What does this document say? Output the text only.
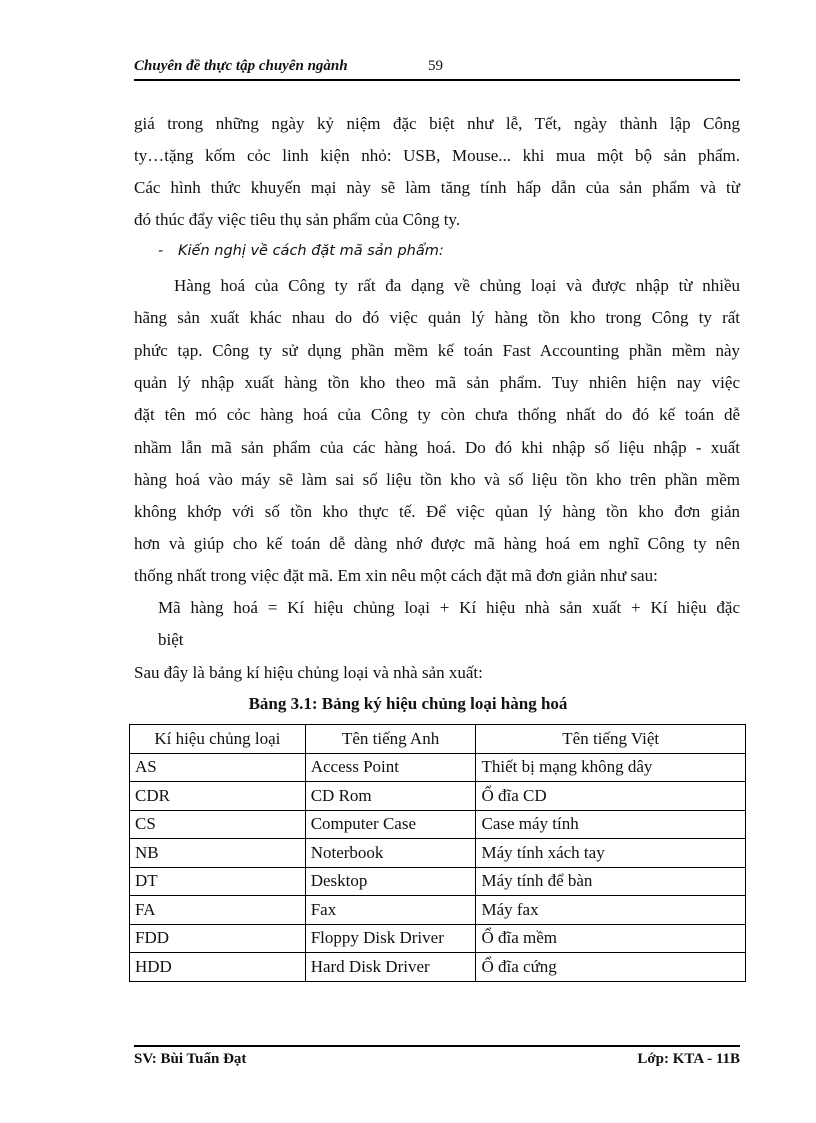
Chuyên đề thực tập chuyên ngành	59
giá trong những ngày kỷ niệm đặc biệt như lễ, Tết, ngày thành lập Công
ty…tặng kốm cỏc linh kiện nhỏ: USB, Mouse... khi mua một bộ sản phẩm.
Các hình thức khuyến mại này sẽ làm tăng tính hấp dẫn của sản phẩm và từ
đó thúc đẩy việc tiêu thụ sản phẩm của Công ty.
- Kiến nghị về cách đặt mã sản phẩm:
Hàng hoá của Công ty rất đa dạng về chủng loại và được nhập từ nhiều
hãng sản xuất khác nhau do đó việc quản lý hàng tồn kho trong Công ty rất
phức tạp. Công ty sử dụng phần mềm kế toán Fast Accounting phần mềm này
quản lý nhập xuất hàng tồn kho theo mã sản phẩm. Tuy nhiên hiện nay việc
đặt tên mó cỏc hàng hoá của Công ty còn chưa thống nhất do đó kế toán dễ
nhầm lẫn mã sản phẩm của các hàng hoá. Do đó khi nhập số liệu nhập - xuất
hàng hoá vào máy sẽ làm sai số liệu tồn kho và số liệu tồn kho trên phần mềm
không khớp với số tồn kho thực tế. Để việc qủan lý hàng tồn kho đơn giản
hơn và giúp cho kế toán dễ dàng nhớ được mã hàng hoá em nghĩ Công ty nên
thống nhất trong việc đặt mã. Em xin nêu một cách đặt mã đơn giản như sau:
Mã hàng hoá = Kí hiệu chủng loại + Kí hiệu nhà sản xuất + Kí hiệu đặc
biệt
Sau đây là bảng kí hiệu chủng loại và nhà sản xuất:
Bảng 3.1: Bảng ký hiệu chủng loại hàng hoá
Kí hiệu chủng loại	Tên tiếng Anh	Tên tiếng Việt
AS	Access Point	Thiết bị mạng không dây
CDR	CD Rom	Ổ đĩa CD
CS	Computer Case	Case máy tính
NB	Noterbook	Máy tính xách tay
DT	Desktop	Máy tính để bàn
FA	Fax	Máy fax
FDD	Floppy Disk Driver	Ổ đĩa mềm
HDD	Hard Disk Driver	Ổ đĩa cứng
SV: Bùi Tuấn Đạt	Lớp: KTA - 11B
